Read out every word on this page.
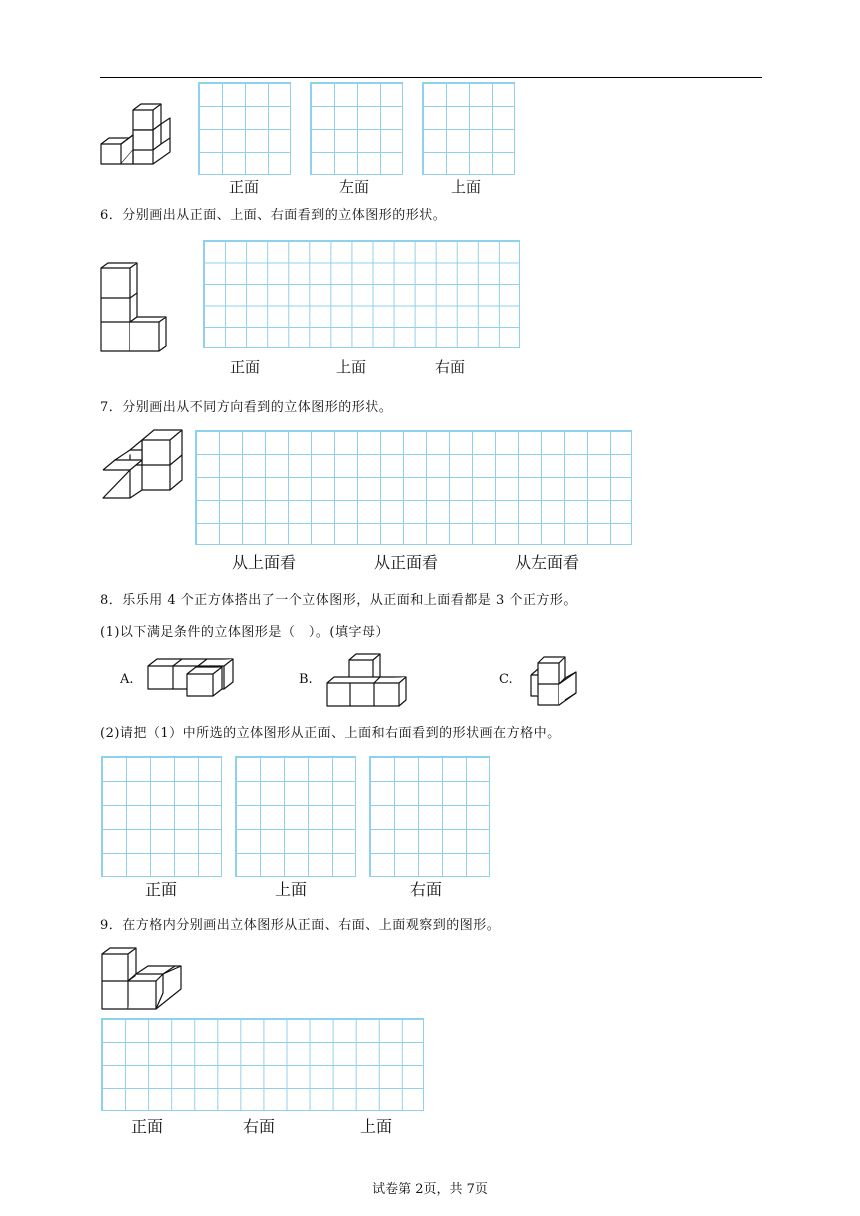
正面	左面	上面
6．分别画出从正面、上面、右面看到的立体图形的形状。
正面	上面	右面
7．分别画出从不同方向看到的立体图形的形状。
从上面看	从正面看	从左面看
8．乐乐用 4 个正方体搭出了一个立体图形，从正面和上面看都是 3 个正方形。
(1)以下满足条件的立体图形是（　）。(填字母）
A.	B.	C.
(2)请把（1）中所选的立体图形从正面、上面和右面看到的形状画在方格中。
正面	上面	右面
9．在方格内分别画出立体图形从正面、右面、上面观察到的图形。
正面	右面	上面
试卷第 2页，共 7页
